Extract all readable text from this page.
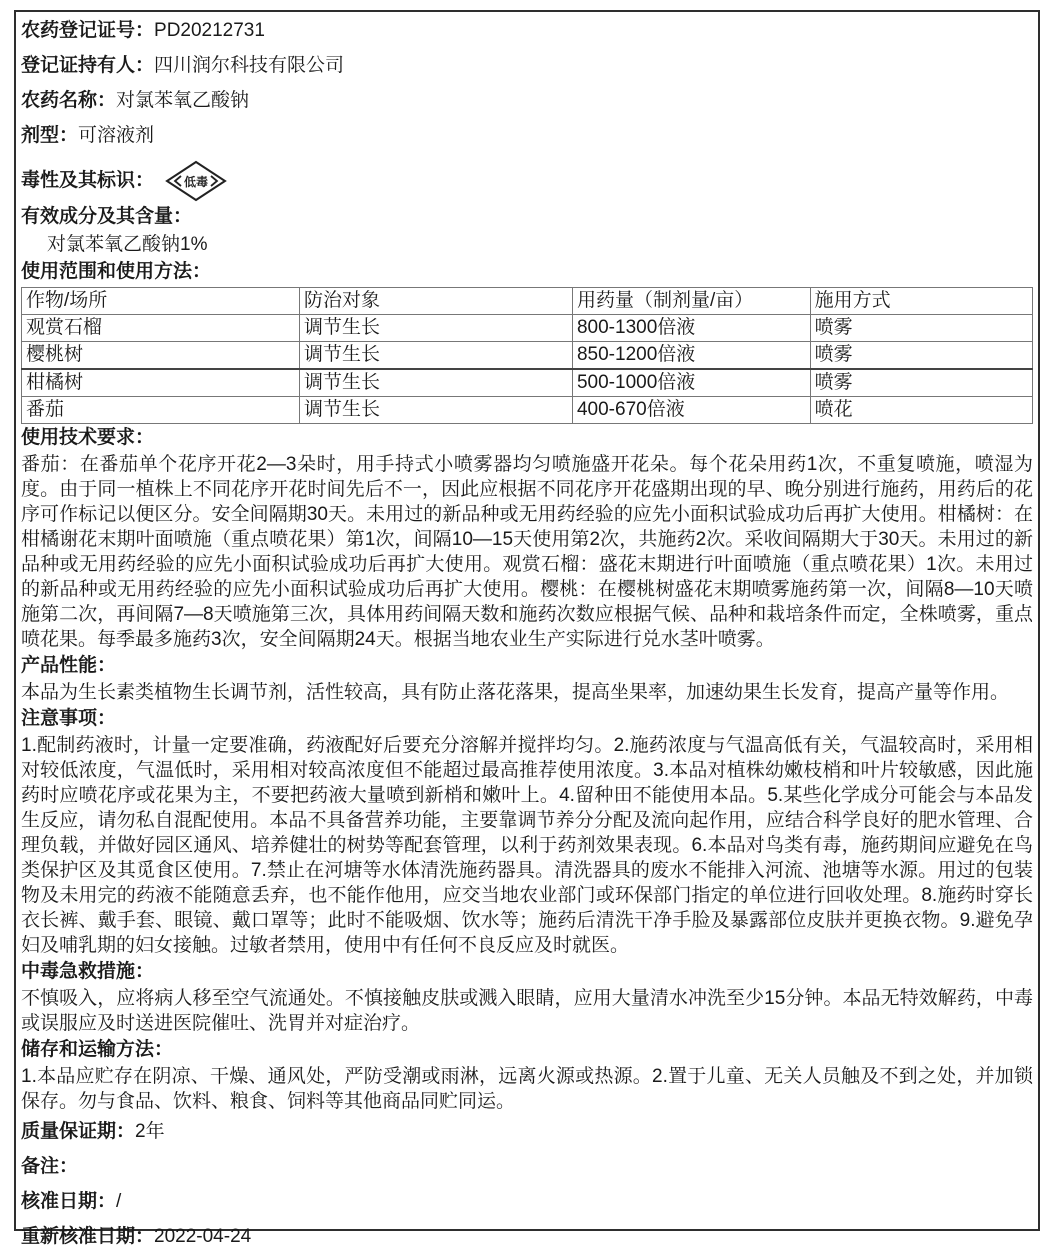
农药登记证号：PD20212731
登记证持有人：四川润尔科技有限公司
农药名称：对氯苯氧乙酸钠
剂型：可溶液剂
毒性及其标识： 低毒
有效成分及其含量：
对氯苯氧乙酸钠1%
使用范围和使用方法：
作物/场所	防治对象	用药量（制剂量/亩）	施用方式
观赏石榴	调节生长	800-1300倍液	喷雾
樱桃树	调节生长	850-1200倍液	喷雾
柑橘树	调节生长	500-1000倍液	喷雾
番茄	调节生长	400-670倍液	喷花
使用技术要求：

番茄：在番茄单个花序开花2—3朵时，用手持式小喷雾器均匀喷施盛开花朵。每个花朵用药1次，不重复喷施，喷湿为度。由于同一植株上不同花序开花时间先后不一，因此应根据不同花序开花盛期出现的早、晚分别进行施药，用药后的花序可作标记以便区分。安全间隔期30天。未用过的新品种或无用药经验的应先小面积试验成功后再扩大使用。柑橘树：在柑橘谢花末期叶面喷施（重点喷花果）第1次，间隔10—15天使用第2次，共施药2次。采收间隔期大于30天。未用过的新品种或无用药经验的应先小面积试验成功后再扩大使用。观赏石榴：盛花末期进行叶面喷施（重点喷花果）1次。未用过的新品种或无用药经验的应先小面积试验成功后再扩大使用。樱桃：在樱桃树盛花末期喷雾施药第一次，间隔8—10天喷施第二次，再间隔7—8天喷施第三次，具体用药间隔天数和施药次数应根据气候、品种和栽培条件而定，全株喷雾，重点喷花果。每季最多施药3次，安全间隔期24天。根据当地农业生产实际进行兑水茎叶喷雾。

产品性能：

本品为生长素类植物生长调节剂，活性较高，具有防止落花落果，提高坐果率，加速幼果生长发育，提高产量等作用。

注意事项：

1.配制药液时，计量一定要准确，药液配好后要充分溶解并搅拌均匀。2.施药浓度与气温高低有关，气温较高时，采用相对较低浓度，气温低时，采用相对较高浓度但不能超过最高推荐使用浓度。3.本品对植株幼嫩枝梢和叶片较敏感，因此施药时应喷花序或花果为主，不要把药液大量喷到新梢和嫩叶上。4.留种田不能使用本品。5.某些化学成分可能会与本品发生反应，请勿私自混配使用。本品不具备营养功能，主要靠调节养分分配及流向起作用，应结合科学良好的肥水管理、合理负载，并做好园区通风、培养健壮的树势等配套管理，以利于药剂效果表现。6.本品对鸟类有毒，施药期间应避免在鸟类保护区及其觅食区使用。7.禁止在河塘等水体清洗施药器具。清洗器具的废水不能排入河流、池塘等水源。用过的包装物及未用完的药液不能随意丢弃，也不能作他用，应交当地农业部门或环保部门指定的单位进行回收处理。8.施药时穿长衣长裤、戴手套、眼镜、戴口罩等；此时不能吸烟、饮水等；施药后清洗干净手脸及暴露部位皮肤并更换衣物。9.避免孕妇及哺乳期的妇女接触。过敏者禁用，使用中有任何不良反应及时就医。

中毒急救措施：

不慎吸入，应将病人移至空气流通处。不慎接触皮肤或溅入眼睛，应用大量清水冲洗至少15分钟。本品无特效解药，中毒或误服应及时送进医院催吐、洗胃并对症治疗。

储存和运输方法：

1.本品应贮存在阴凉、干燥、通风处，严防受潮或雨淋，远离火源或热源。2.置于儿童、无关人员触及不到之处，并加锁保存。勿与食品、饮料、粮食、饲料等其他商品同贮同运。

质量保证期：2年
备注：
核准日期：/
重新核准日期：2022-04-24
